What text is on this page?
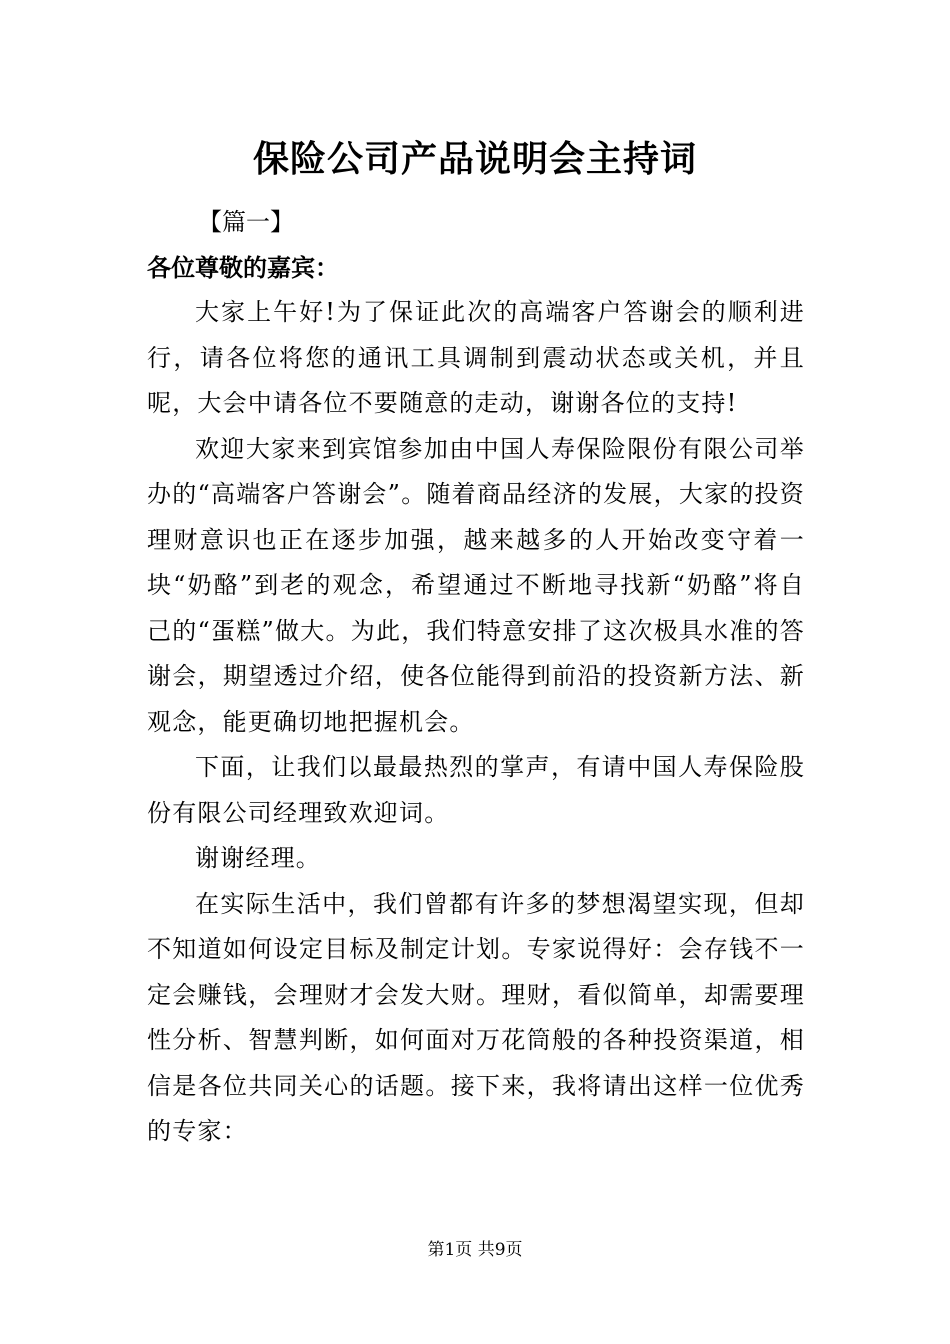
保险公司产品说明会主持词
【篇一】
各位尊敬的嘉宾：

大家上午好!为了保证此次的高端客户答谢会的顺利进行，请各位将您的通讯工具调制到震动状态或关机，并且呢，大会中请各位不要随意的走动，谢谢各位的支持!

欢迎大家来到宾馆参加由中国人寿保险限份有限公司举办的“高端客户答谢会”。随着商品经济的发展，大家的投资理财意识也正在逐步加强，越来越多的人开始改变守着一块“奶酪”到老的观念，希望通过不断地寻找新“奶酪”将自己的“蛋糕”做大。为此，我们特意安排了这次极具水准的答谢会，期望透过介绍，使各位能得到前沿的投资新方法、新观念，能更确切地把握机会。

下面，让我们以最最热烈的掌声，有请中国人寿保险股份有限公司经理致欢迎词。

谢谢经理。

在实际生活中，我们曾都有许多的梦想渴望实现，但却不知道如何设定目标及制定计划。专家说得好：会存钱不一定会赚钱，会理财才会发大财。理财，看似简单，却需要理性分析、智慧判断，如何面对万花筒般的各种投资渠道，相信是各位共同关心的话题。接下来，我将请出这样一位优秀的专家：

第1页 共9页
